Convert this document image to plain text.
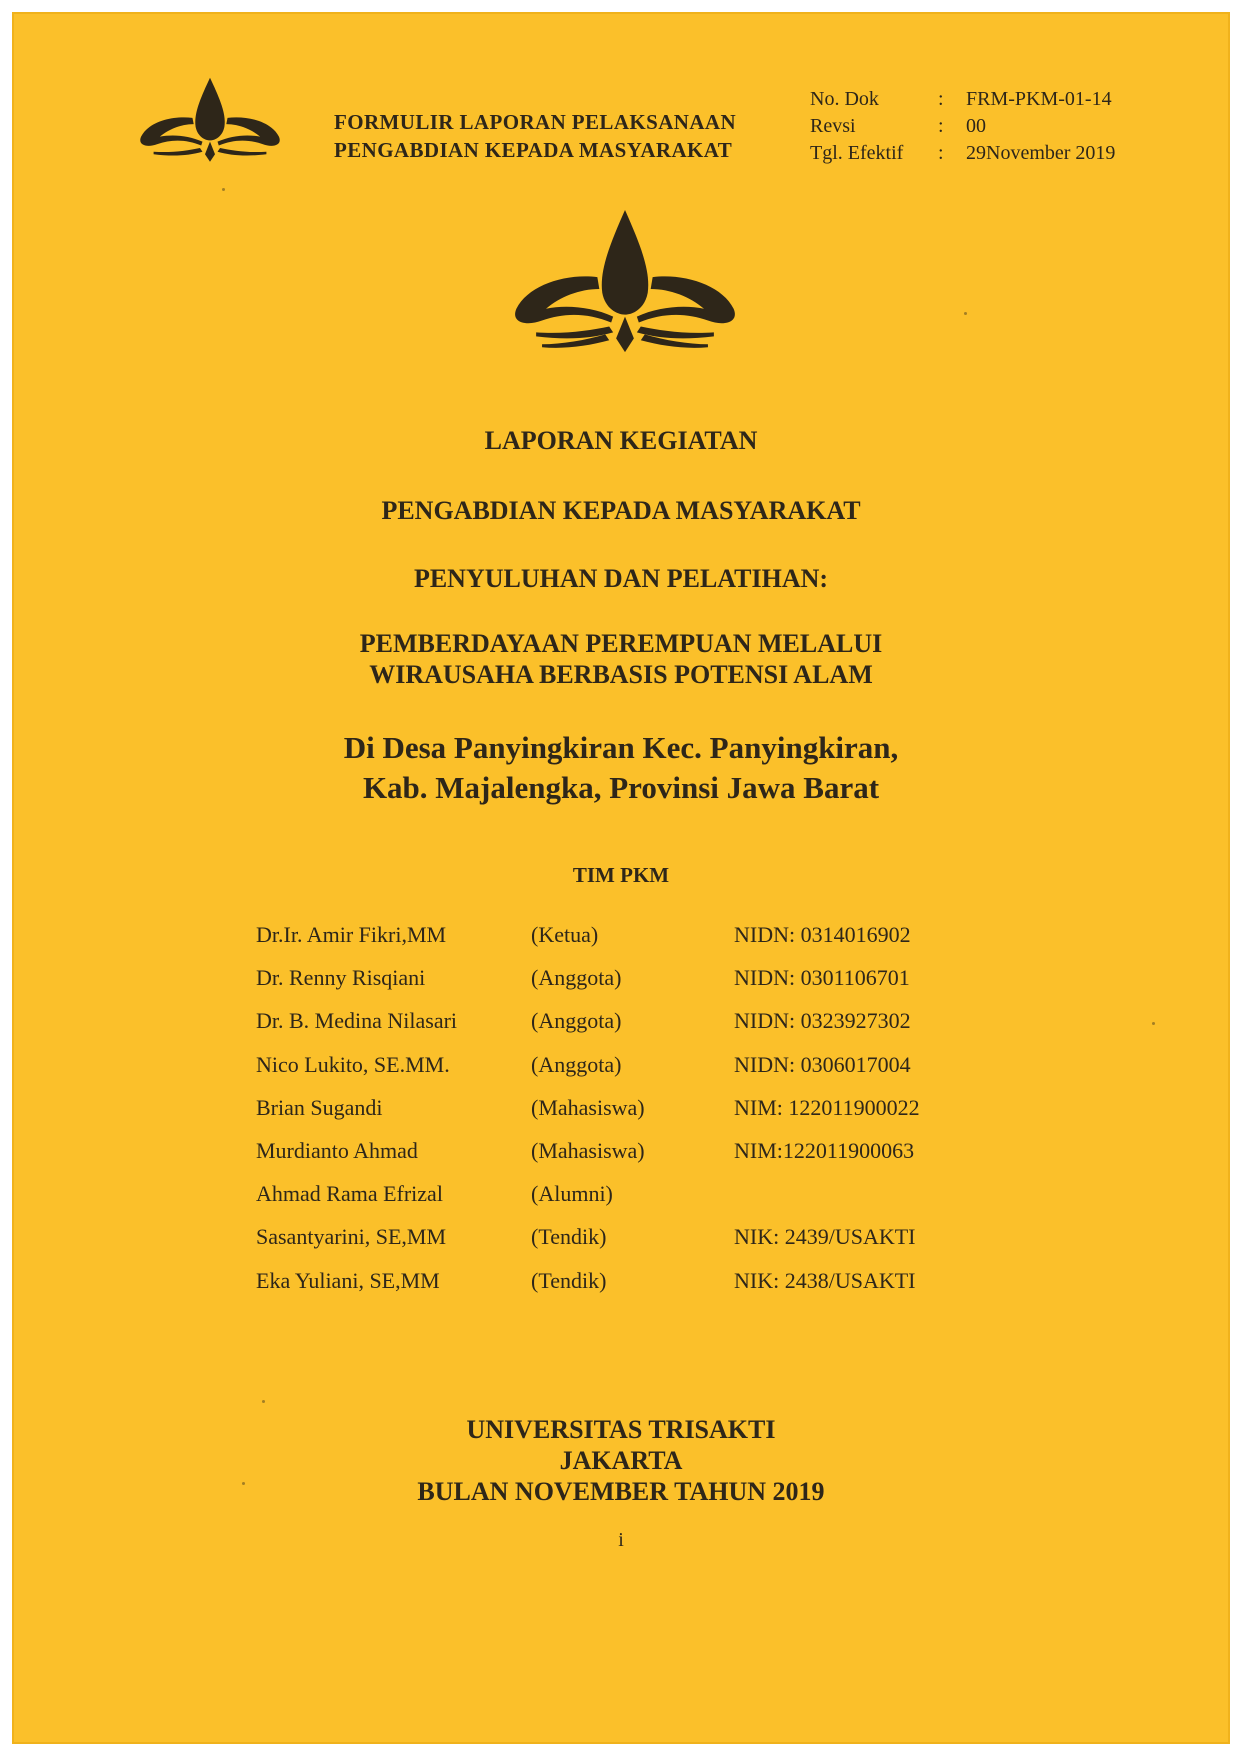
FORMULIR LAPORAN PELAKSANAAN
PENGABDIAN KEPADA MASYARAKAT
No. Dok	:	FRM-PKM-01-14
Revsi	:	00
Tgl. Efektif	:	29November 2019
LAPORAN KEGIATAN
PENGABDIAN KEPADA MASYARAKAT
PENYULUHAN DAN PELATIHAN:
PEMBERDAYAAN PEREMPUAN MELALUI
WIRAUSAHA BERBASIS POTENSI ALAM
Di Desa Panyingkiran Kec. Panyingkiran,
Kab. Majalengka, Provinsi Jawa Barat
TIM PKM
Dr.Ir. Amir Fikri,MM	(Ketua)	NIDN: 0314016902
Dr. Renny Risqiani	(Anggota)	NIDN: 0301106701
Dr. B. Medina Nilasari	(Anggota)	NIDN: 0323927302
Nico Lukito, SE.MM.	(Anggota)	NIDN: 0306017004
Brian Sugandi	(Mahasiswa)	NIM: 122011900022
Murdianto Ahmad	(Mahasiswa)	NIM:122011900063
Ahmad Rama Efrizal	(Alumni)
Sasantyarini, SE,MM	(Tendik)	NIK: 2439/USAKTI
Eka Yuliani, SE,MM	(Tendik)	NIK: 2438/USAKTI
UNIVERSITAS TRISAKTI
JAKARTA
BULAN NOVEMBER TAHUN 2019
i
